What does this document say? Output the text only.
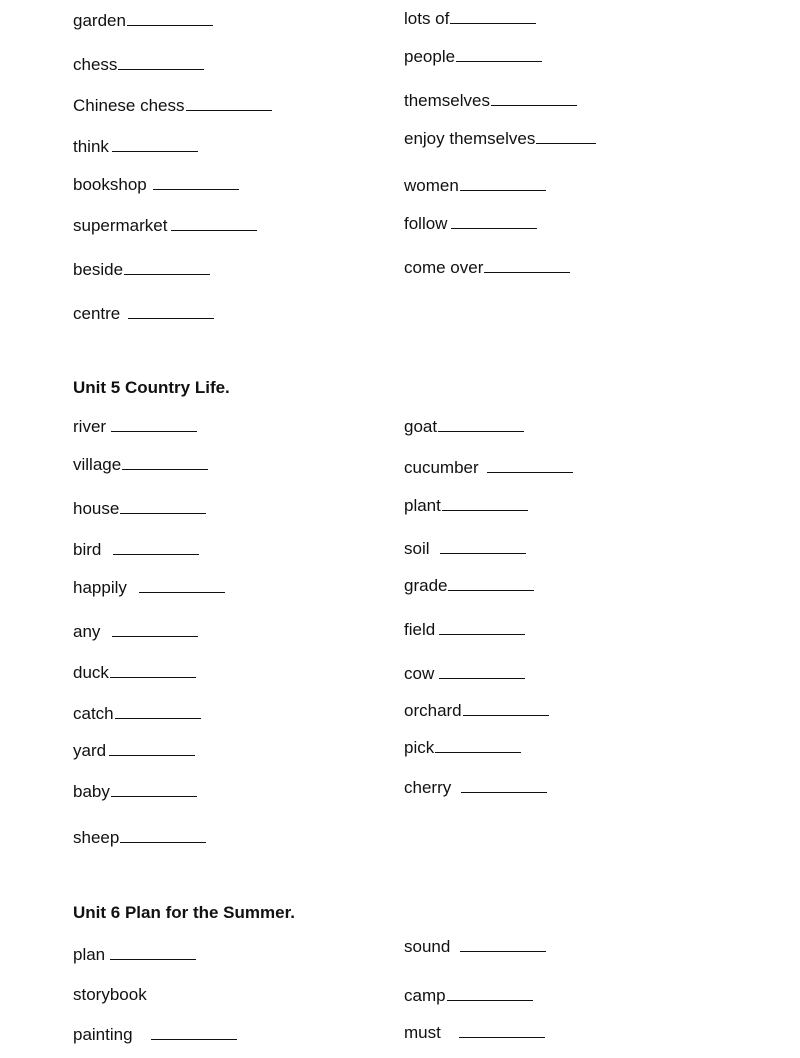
garden
chess
Chinese chess
think
bookshop
supermarket
beside
centre
lots of
people
themselves
enjoy themselves
women
follow
come over
Unit 5 Country Life.
river
village
house
bird
happily
any
duck
catch
yard
baby
sheep
goat
cucumber
plant
soil
grade
field
cow
orchard
pick
cherry
Unit 6 Plan for the Summer.
plan
storybook
painting
sound
camp
must
